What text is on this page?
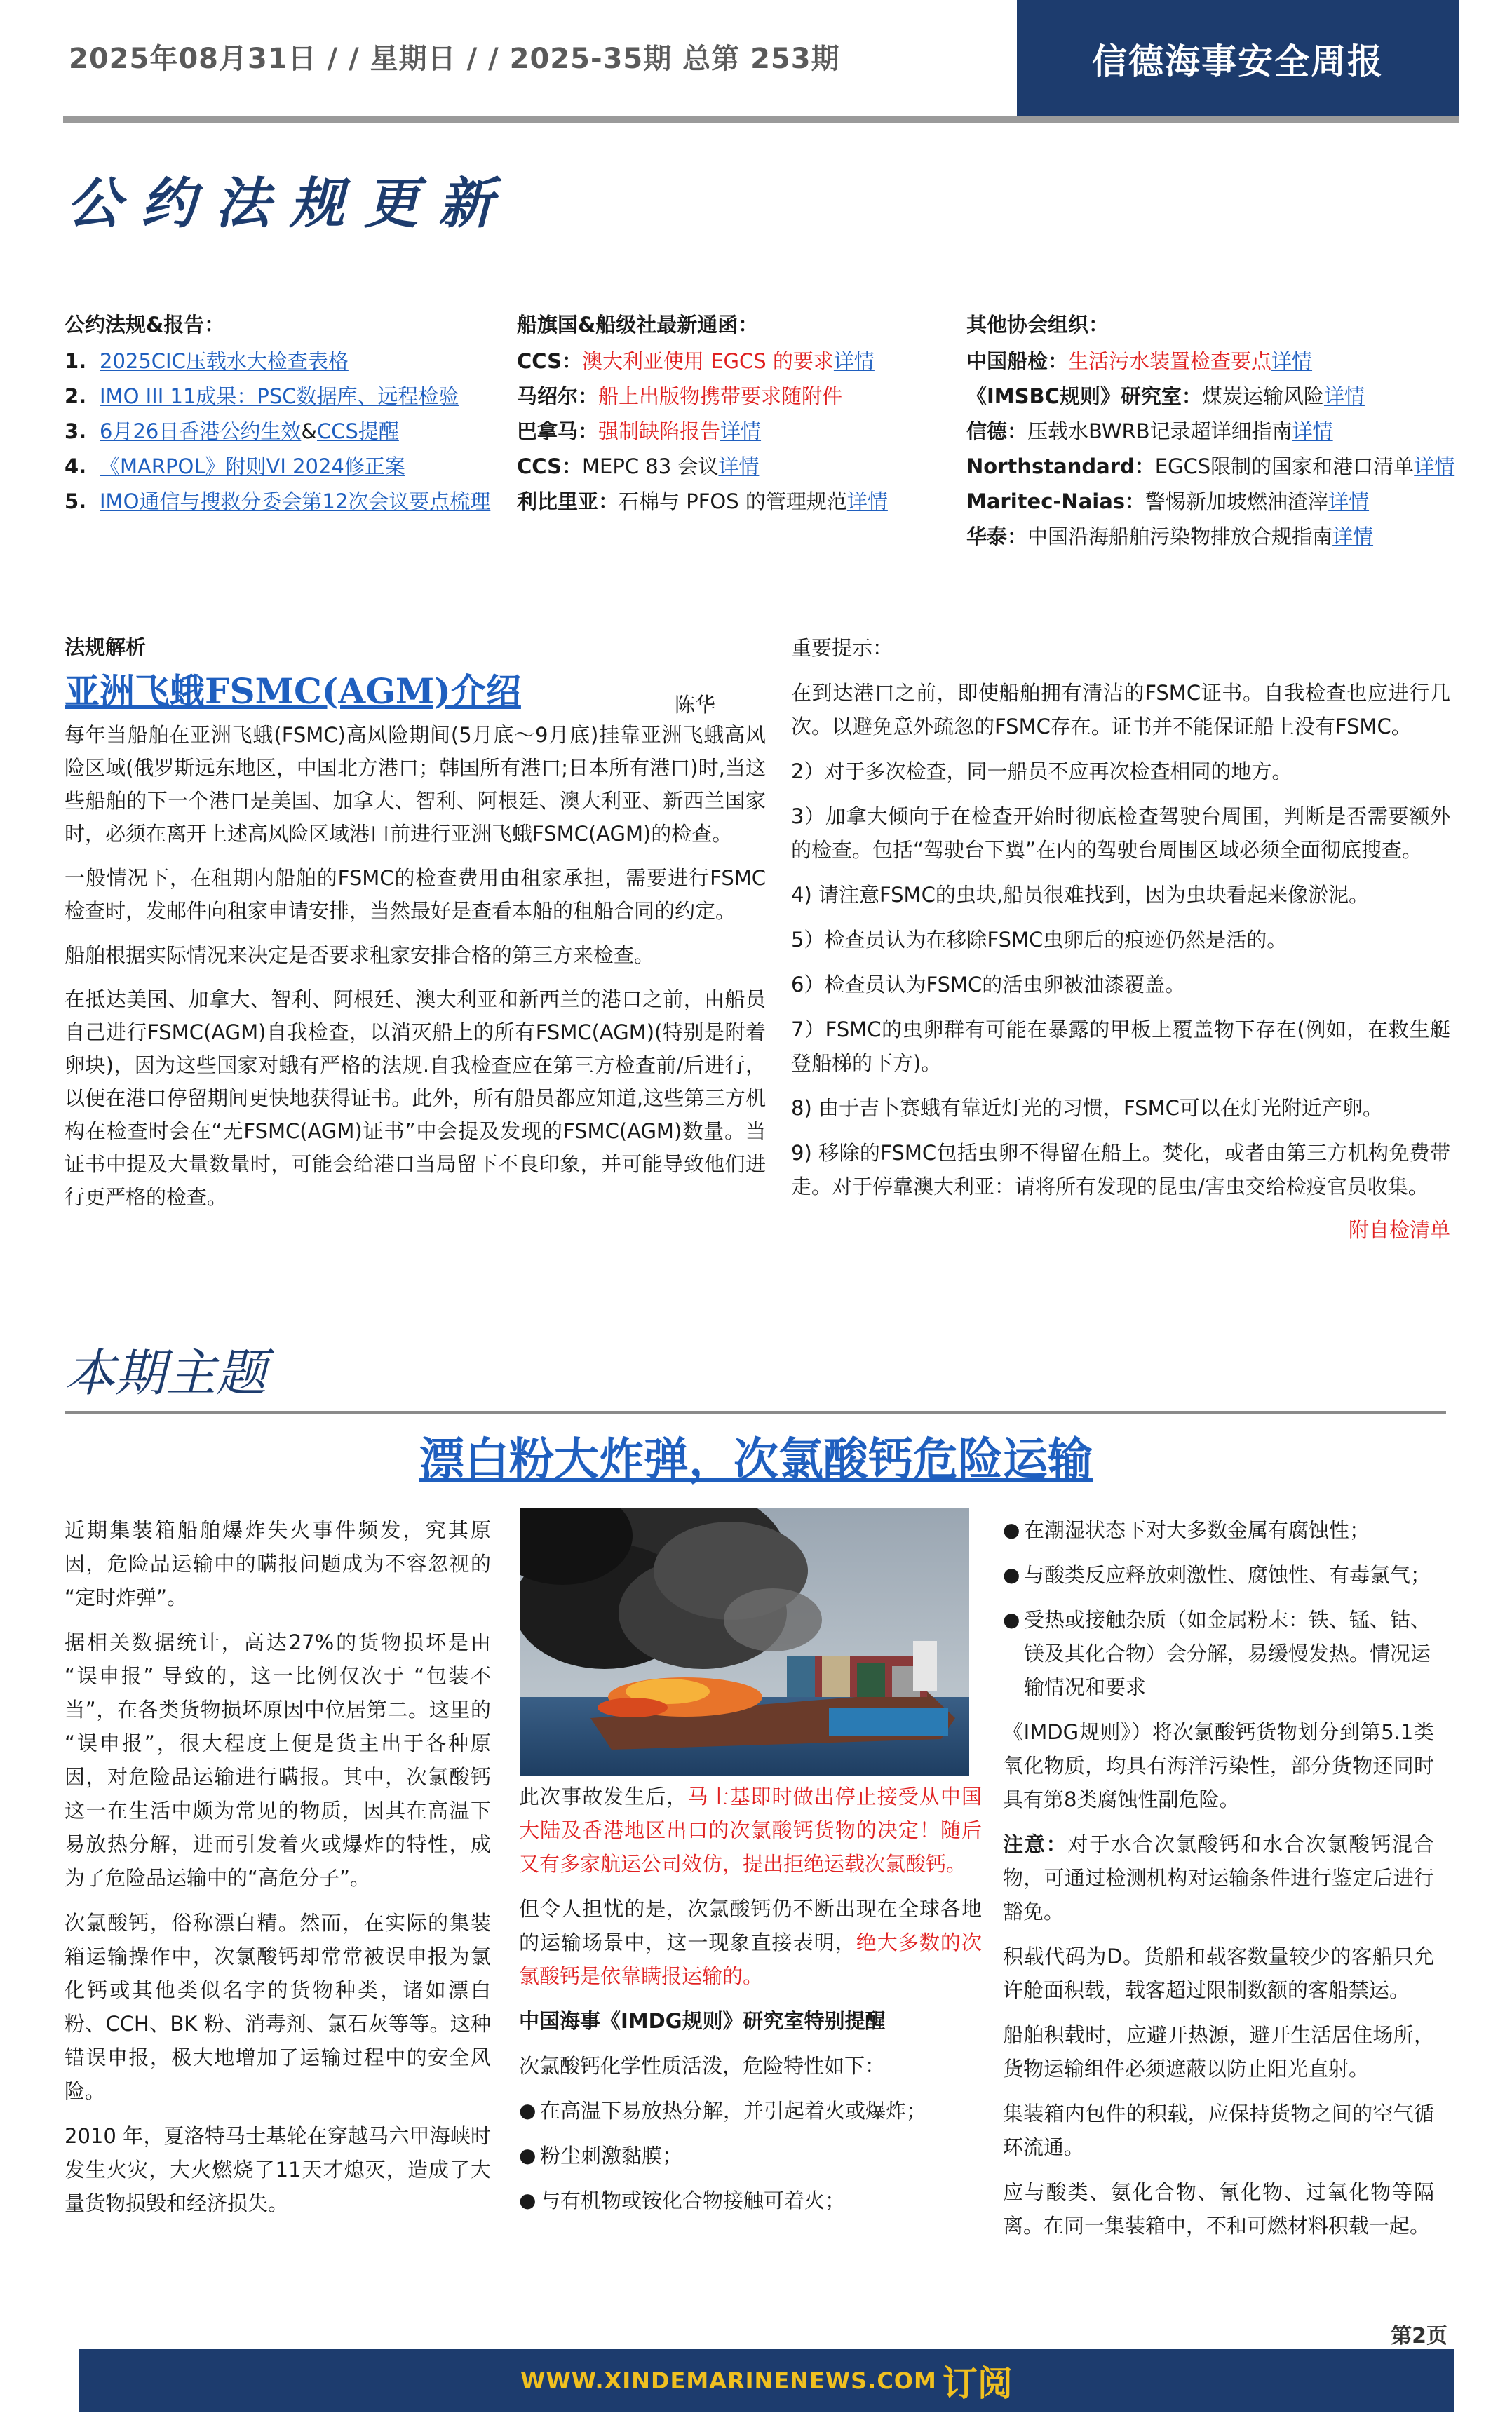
2025年08月31日 / / 星期日 / / 2025-35期 总第 253期	信德海事安全周报
公约法规更新
公约法规&报告：
1. 2025CIC压载水大检查表格
2. IMO III 11成果：PSC数据库、远程检验
3. 6月26日香港公约生效 & CCS提醒
4. 《MARPOL》附则VI 2024修正案
5. IMO通信与搜救分委会第12次会议要点梳理
船旗国&船级社最新通函：
CCS：澳大利亚使用 EGCS 的要求详情
马绍尔：船上出版物携带要求随附件
巴拿马：强制缺陷报告详情
CCS：MEPC 83 会议详情
利比里亚：石棉与 PFOS 的管理规范详情
其他协会组织：
中国船检：生活污水装置检查要点详情
《IMSBC规则》研究室：煤炭运输风险详情
信德：压载水BWRB记录超详细指南详情
Northstandard：EGCS限制的国家和港口清单详情
Maritec-Naias：警惕新加坡燃油渣滓详情
华泰：中国沿海船舶污染物排放合规指南详情
法规解析
亚洲飞蛾FSMC(AGM)介绍	陈华

每年当船舶在亚洲飞蛾(FSMC)高风险期间(5月底～9月底)挂靠亚洲飞蛾高风险区域(俄罗斯远东地区，中国北方港口；韩国所有港口;日本所有港口)时,当这些船舶的下一个港口是美国、加拿大、智利、阿根廷、澳大利亚、新西兰国家时，必须在离开上述高风险区域港口前进行亚洲飞蛾FSMC(AGM)的检查。

一般情况下，在租期内船舶的FSMC的检查费用由租家承担，需要进行FSMC检查时，发邮件向租家申请安排，当然最好是查看本船的租船合同的约定。

船舶根据实际情况来决定是否要求租家安排合格的第三方来检查。

在抵达美国、加拿大、智利、阿根廷、澳大利亚和新西兰的港口之前，由船员自己进行FSMC(AGM)自我检查，以消灭船上的所有FSMC(AGM)(特别是附着卵块)，因为这些国家对蛾有严格的法规.自我检查应在第三方检查前/后进行，以便在港口停留期间更快地获得证书。此外，所有船员都应知道,这些第三方机构在检查时会在“无FSMC(AGM)证书”中会提及发现的FSMC(AGM)数量。当证书中提及大量数量时，可能会给港口当局留下不良印象，并可能导致他们进行更严格的检查。

重要提示：

在到达港口之前，即使船舶拥有清洁的FSMC证书。自我检查也应进行几次。以避免意外疏忽的FSMC存在。证书并不能保证船上没有FSMC。

2）对于多次检查，同一船员不应再次检查相同的地方。

3）加拿大倾向于在检查开始时彻底检查驾驶台周围，判断是否需要额外的检查。包括“驾驶台下翼”在内的驾驶台周围区域必须全面彻底搜查。

4) 请注意FSMC的虫块,船员很难找到，因为虫块看起来像淤泥。

5）检查员认为在移除FSMC虫卵后的痕迹仍然是活的。

6）检查员认为FSMC的活虫卵被油漆覆盖。

7）FSMC的虫卵群有可能在暴露的甲板上覆盖物下存在(例如，在救生艇登船梯的下方)。

8) 由于吉卜赛蛾有靠近灯光的习惯，FSMC可以在灯光附近产卵。

9) 移除的FSMC包括虫卵不得留在船上。焚化，或者由第三方机构免费带走。对于停靠澳大利亚：请将所有发现的昆虫/害虫交给检疫官员收集。

附自检清单
本期主题
漂白粉大炸弹，次氯酸钙危险运输

近期集装箱船舶爆炸失火事件频发，究其原因，危险品运输中的瞒报问题成为不容忽视的 “定时炸弹”。

据相关数据统计，高达27%的货物损坏是由 “误申报” 导致的，这一比例仅次于 “包装不当”，在各类货物损坏原因中位居第二。这里的 “误申报”，很大程度上便是货主出于各种原因，对危险品运输进行瞒报。其中，次氯酸钙这一在生活中颇为常见的物质，因其在高温下易放热分解，进而引发着火或爆炸的特性，成为了危险品运输中的“高危分子”。

次氯酸钙，俗称漂白精。然而，在实际的集装箱运输操作中，次氯酸钙却常常被误申报为氯化钙或其他类似名字的货物种类，诸如漂白粉、CCH、BK 粉、消毒剂、氯石灰等等。这种错误申报，极大地增加了运输过程中的安全风险。

2010 年，夏洛特马士基轮在穿越马六甲海峡时发生火灾，大火燃烧了11天才熄灭，造成了大量货物损毁和经济损失。

此次事故发生后，马士基即时做出停止接受从中国大陆及香港地区出口的次氯酸钙货物的决定！随后又有多家航运公司效仿，提出拒绝运载次氯酸钙。

但令人担忧的是，次氯酸钙仍不断出现在全球各地的运输场景中，这一现象直接表明，绝大多数的次氯酸钙是依靠瞒报运输的。

中国海事《IMDG规则》研究室特别提醒

次氯酸钙化学性质活泼，危险特性如下：

● 在高温下易放热分解，并引起着火或爆炸；
● 粉尘刺激黏膜；
● 与有机物或铵化合物接触可着火；
● 在潮湿状态下对大多数金属有腐蚀性；
● 与酸类反应释放刺激性、腐蚀性、有毒氯气；
● 受热或接触杂质（如金属粉末：铁、锰、钴、镁及其化合物）会分解，易缓慢发热。情况运输情况和要求

《IMDG规则》）将次氯酸钙货物划分到第5.1类氧化物质，均具有海洋污染性，部分货物还同时具有第8类腐蚀性副危险。

注意：对于水合次氯酸钙和水合次氯酸钙混合物，可通过检测机构对运输条件进行鉴定后进行豁免。

积载代码为D。货船和载客数量较少的客船只允许舱面积载，载客超过限制数额的客船禁运。

船舶积载时，应避开热源，避开生活居住场所，货物运输组件必须遮蔽以防止阳光直射。

集装箱内包件的积载，应保持货物之间的空气循环流通。

应与酸类、氨化合物、氰化物、过氧化物等隔离。在同一集装箱中，不和可燃材料积载一起。

第2页
WWW.XINDEMARINENEWS.COM 订阅
